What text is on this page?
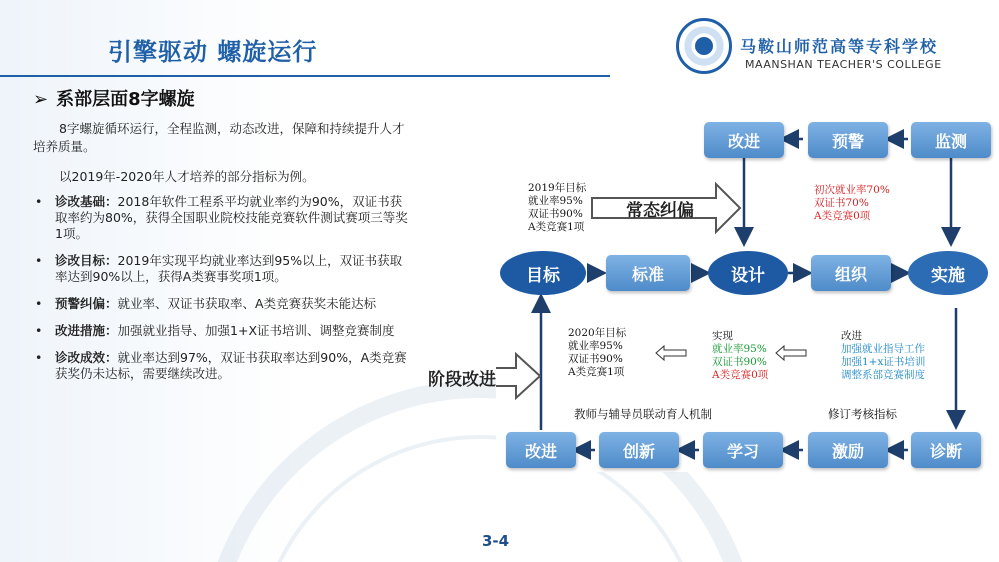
引擎驱动 螺旋运行	马鞍山师范高等专科学校
MAANSHAN TEACHER'S COLLEGE
➢ 系部层面8字螺旋
8字螺旋循环运行，全程监测，动态改进，保障和持续提升人才培养质量。
以2019年-2020年人才培养的部分指标为例。
• 诊改基础：2018年软件工程系平均就业率约为90%，双证书获取率约为80%，获得全国职业院校技能竞赛软件测试赛项三等奖1项。
• 诊改目标：2019年实现平均就业率达到95%以上，双证书获取率达到90%以上，获得A类赛事奖项1项。
• 预警纠偏：就业率、双证书获取率、A类竞赛获奖未能达标
• 改进措施：加强就业指导、加强1+X证书培训、调整竞赛制度
• 诊改成效：就业率达到97%，双证书获取率达到90%，A类竞赛获奖仍未达标，需要继续改进。
改进	预警	监测
目标	标准	设计	组织	实施
改进	创新	学习	激励	诊断
常态纠偏
阶段改进
2019年目标
就业率95%
双证书90%
A类竞赛1项
初次就业率70%
双证书70%
A类竞赛0项
2020年目标
就业率95%
双证书90%
A类竞赛1项
实现
就业率95%
双证书90%
A类竞赛0项
改进
加强就业指导工作
加强1+x证书培训
调整系部竞赛制度
教师与辅导员联动育人机制	修订考核指标
3-4
